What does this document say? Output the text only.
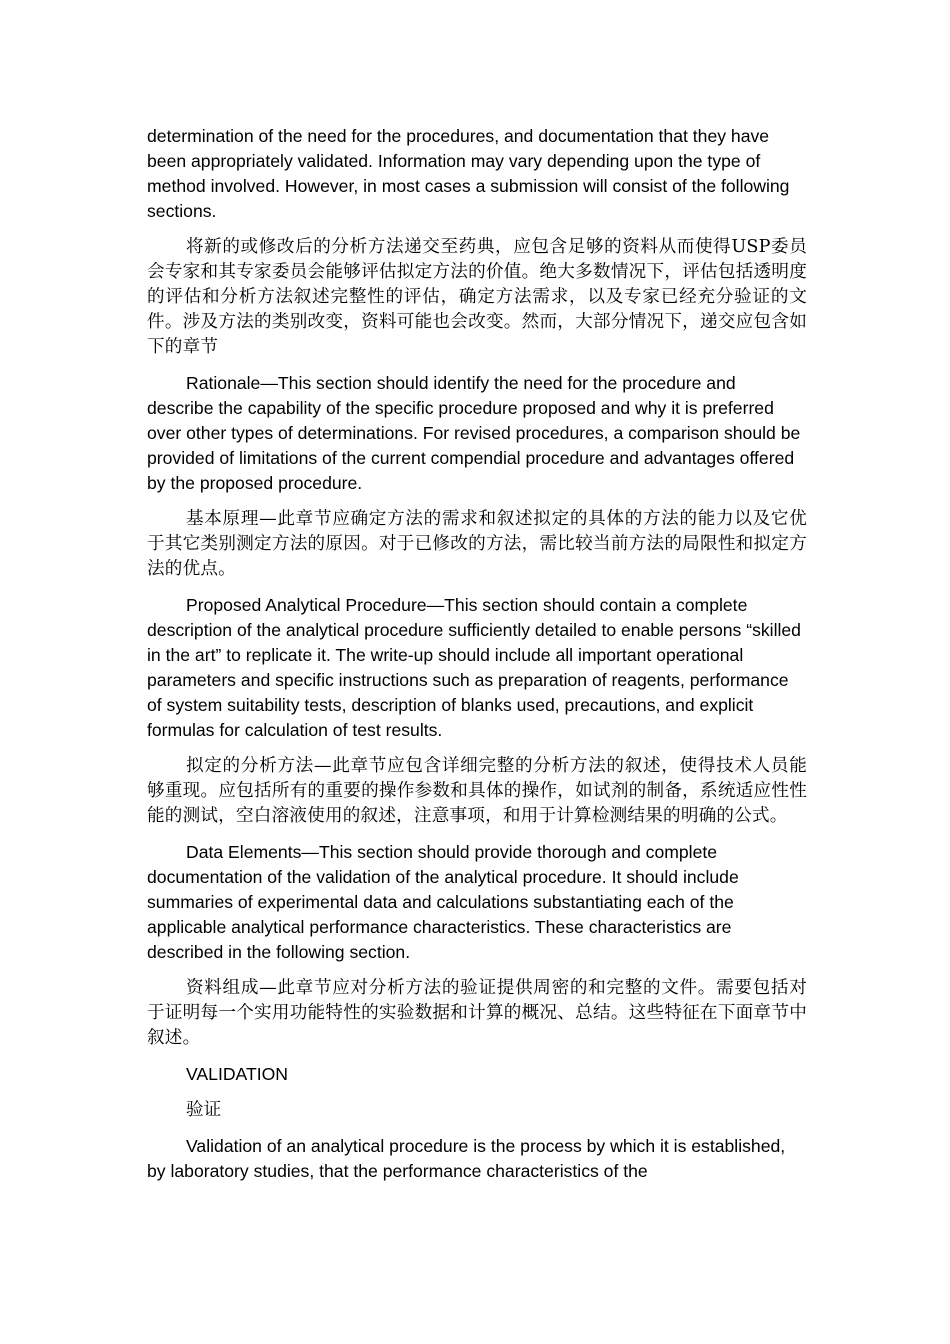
determination of the need for the procedures, and documentation that they have been appropriately validated. Information may vary depending upon the type of method involved. However, in most cases a submission will consist of the following sections.

将新的或修改后的分析方法递交至药典，应包含足够的资料从而使得USP委员会专家和其专家委员会能够评估拟定方法的价值。绝大多数情况下，评估包括透明度的评估和分析方法叙述完整性的评估，确定方法需求，以及专家已经充分验证的文件。涉及方法的类别改变，资料可能也会改变。然而，大部分情况下，递交应包含如下的章节

Rationale—This section should identify the need for the procedure and describe the capability of the specific procedure proposed and why it is preferred over other types of determinations. For revised procedures, a comparison should be provided of limitations of the current compendial procedure and advantages offered by the proposed procedure.

基本原理—此章节应确定方法的需求和叙述拟定的具体的方法的能力以及它优于其它类别测定方法的原因。对于已修改的方法，需比较当前方法的局限性和拟定方法的优点。

Proposed Analytical Procedure—This section should contain a complete description of the analytical procedure sufficiently detailed to enable persons “skilled in the art” to replicate it. The write-up should include all important operational parameters and specific instructions such as preparation of reagents, performance of system suitability tests, description of blanks used, precautions, and explicit formulas for calculation of test results.

拟定的分析方法—此章节应包含详细完整的分析方法的叙述，使得技术人员能够重现。应包括所有的重要的操作参数和具体的操作，如试剂的制备，系统适应性性能的测试，空白溶液使用的叙述，注意事项，和用于计算检测结果的明确的公式。

Data Elements—This section should provide thorough and complete documentation of the validation of the analytical procedure. It should include summaries of experimental data and calculations substantiating each of the applicable analytical performance characteristics. These characteristics are described in the following section.

资料组成—此章节应对分析方法的验证提供周密的和完整的文件。需要包括对于证明每一个实用功能特性的实验数据和计算的概况、总结。这些特征在下面章节中叙述。

VALIDATION

验证

Validation of an analytical procedure is the process by which it is established, by laboratory studies, that the performance characteristics of the
